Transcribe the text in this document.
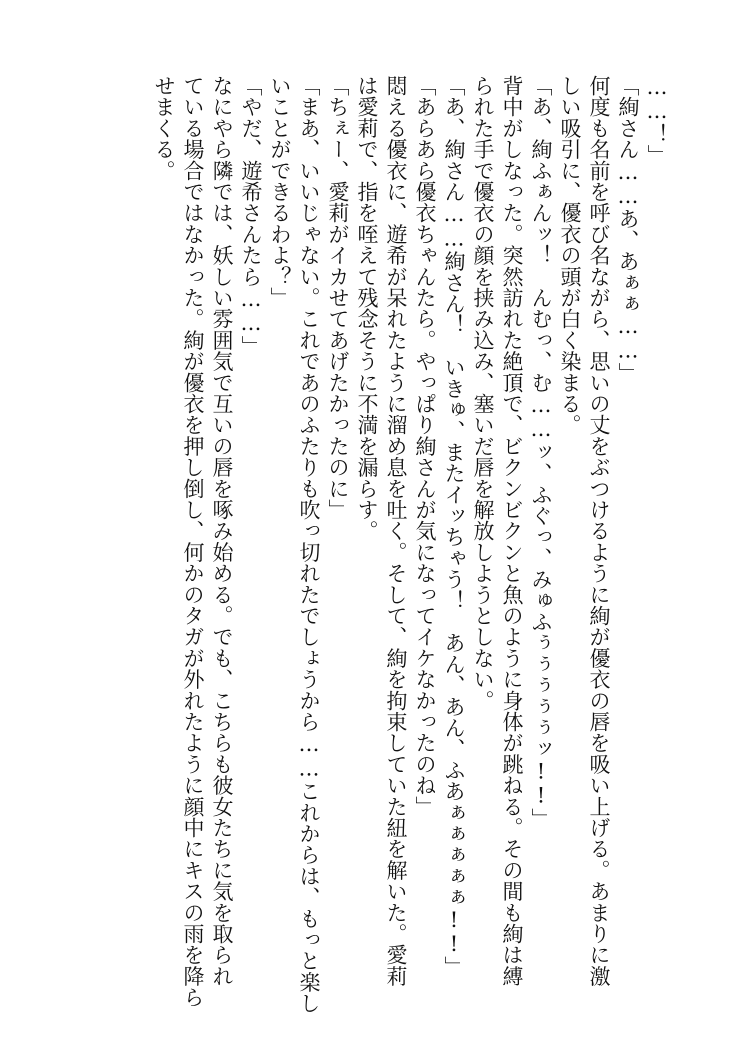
……！」
「絢さん……あ、あぁぁ……」
何度も名前を呼び名ながら、思いの丈をぶつけるように絢が優衣の唇を吸い上げる。あまりに激
しい吸引に、優衣の頭が白く染まる。
「あ、絢ふぁんッ！　んむっ、む……ッ、ふぐっ、みゅふぅぅぅぅぅッ!!」
背中がしなった。突然訪れた絶頂で、ビクンビクンと魚のように身体が跳ねる。その間も絢は縛
られた手で優衣の顔を挟み込み、塞いだ唇を解放しようとしない。
「あ、絢さん……絢さん！　いきゅ、またイッちゃう！　あん、あん、ふあぁぁぁぁぁ!!」
「あらあら優衣ちゃんたら。やっぱり絢さんが気になってイケなかったのね」
悶える優衣に、遊希が呆れたように溜め息を吐く。そして、絢を拘束していた紐を解いた。愛莉
は愛莉で、指を咥えて残念そうに不満を漏らす。
「ちぇー、愛莉がイカせてあげたかったのに」
「まあ、いいじゃない。これであのふたりも吹っ切れたでしょうから……これからは、もっと楽し
いことができるわよ？」
「やだ、遊希さんたら……」
なにやら隣では、妖しい雰囲気で互いの唇を啄み始める。でも、こちらも彼女たちに気を取られ
ている場合ではなかった。絢が優衣を押し倒し、何かのタガが外れたように顔中にキスの雨を降ら
せまくる。
